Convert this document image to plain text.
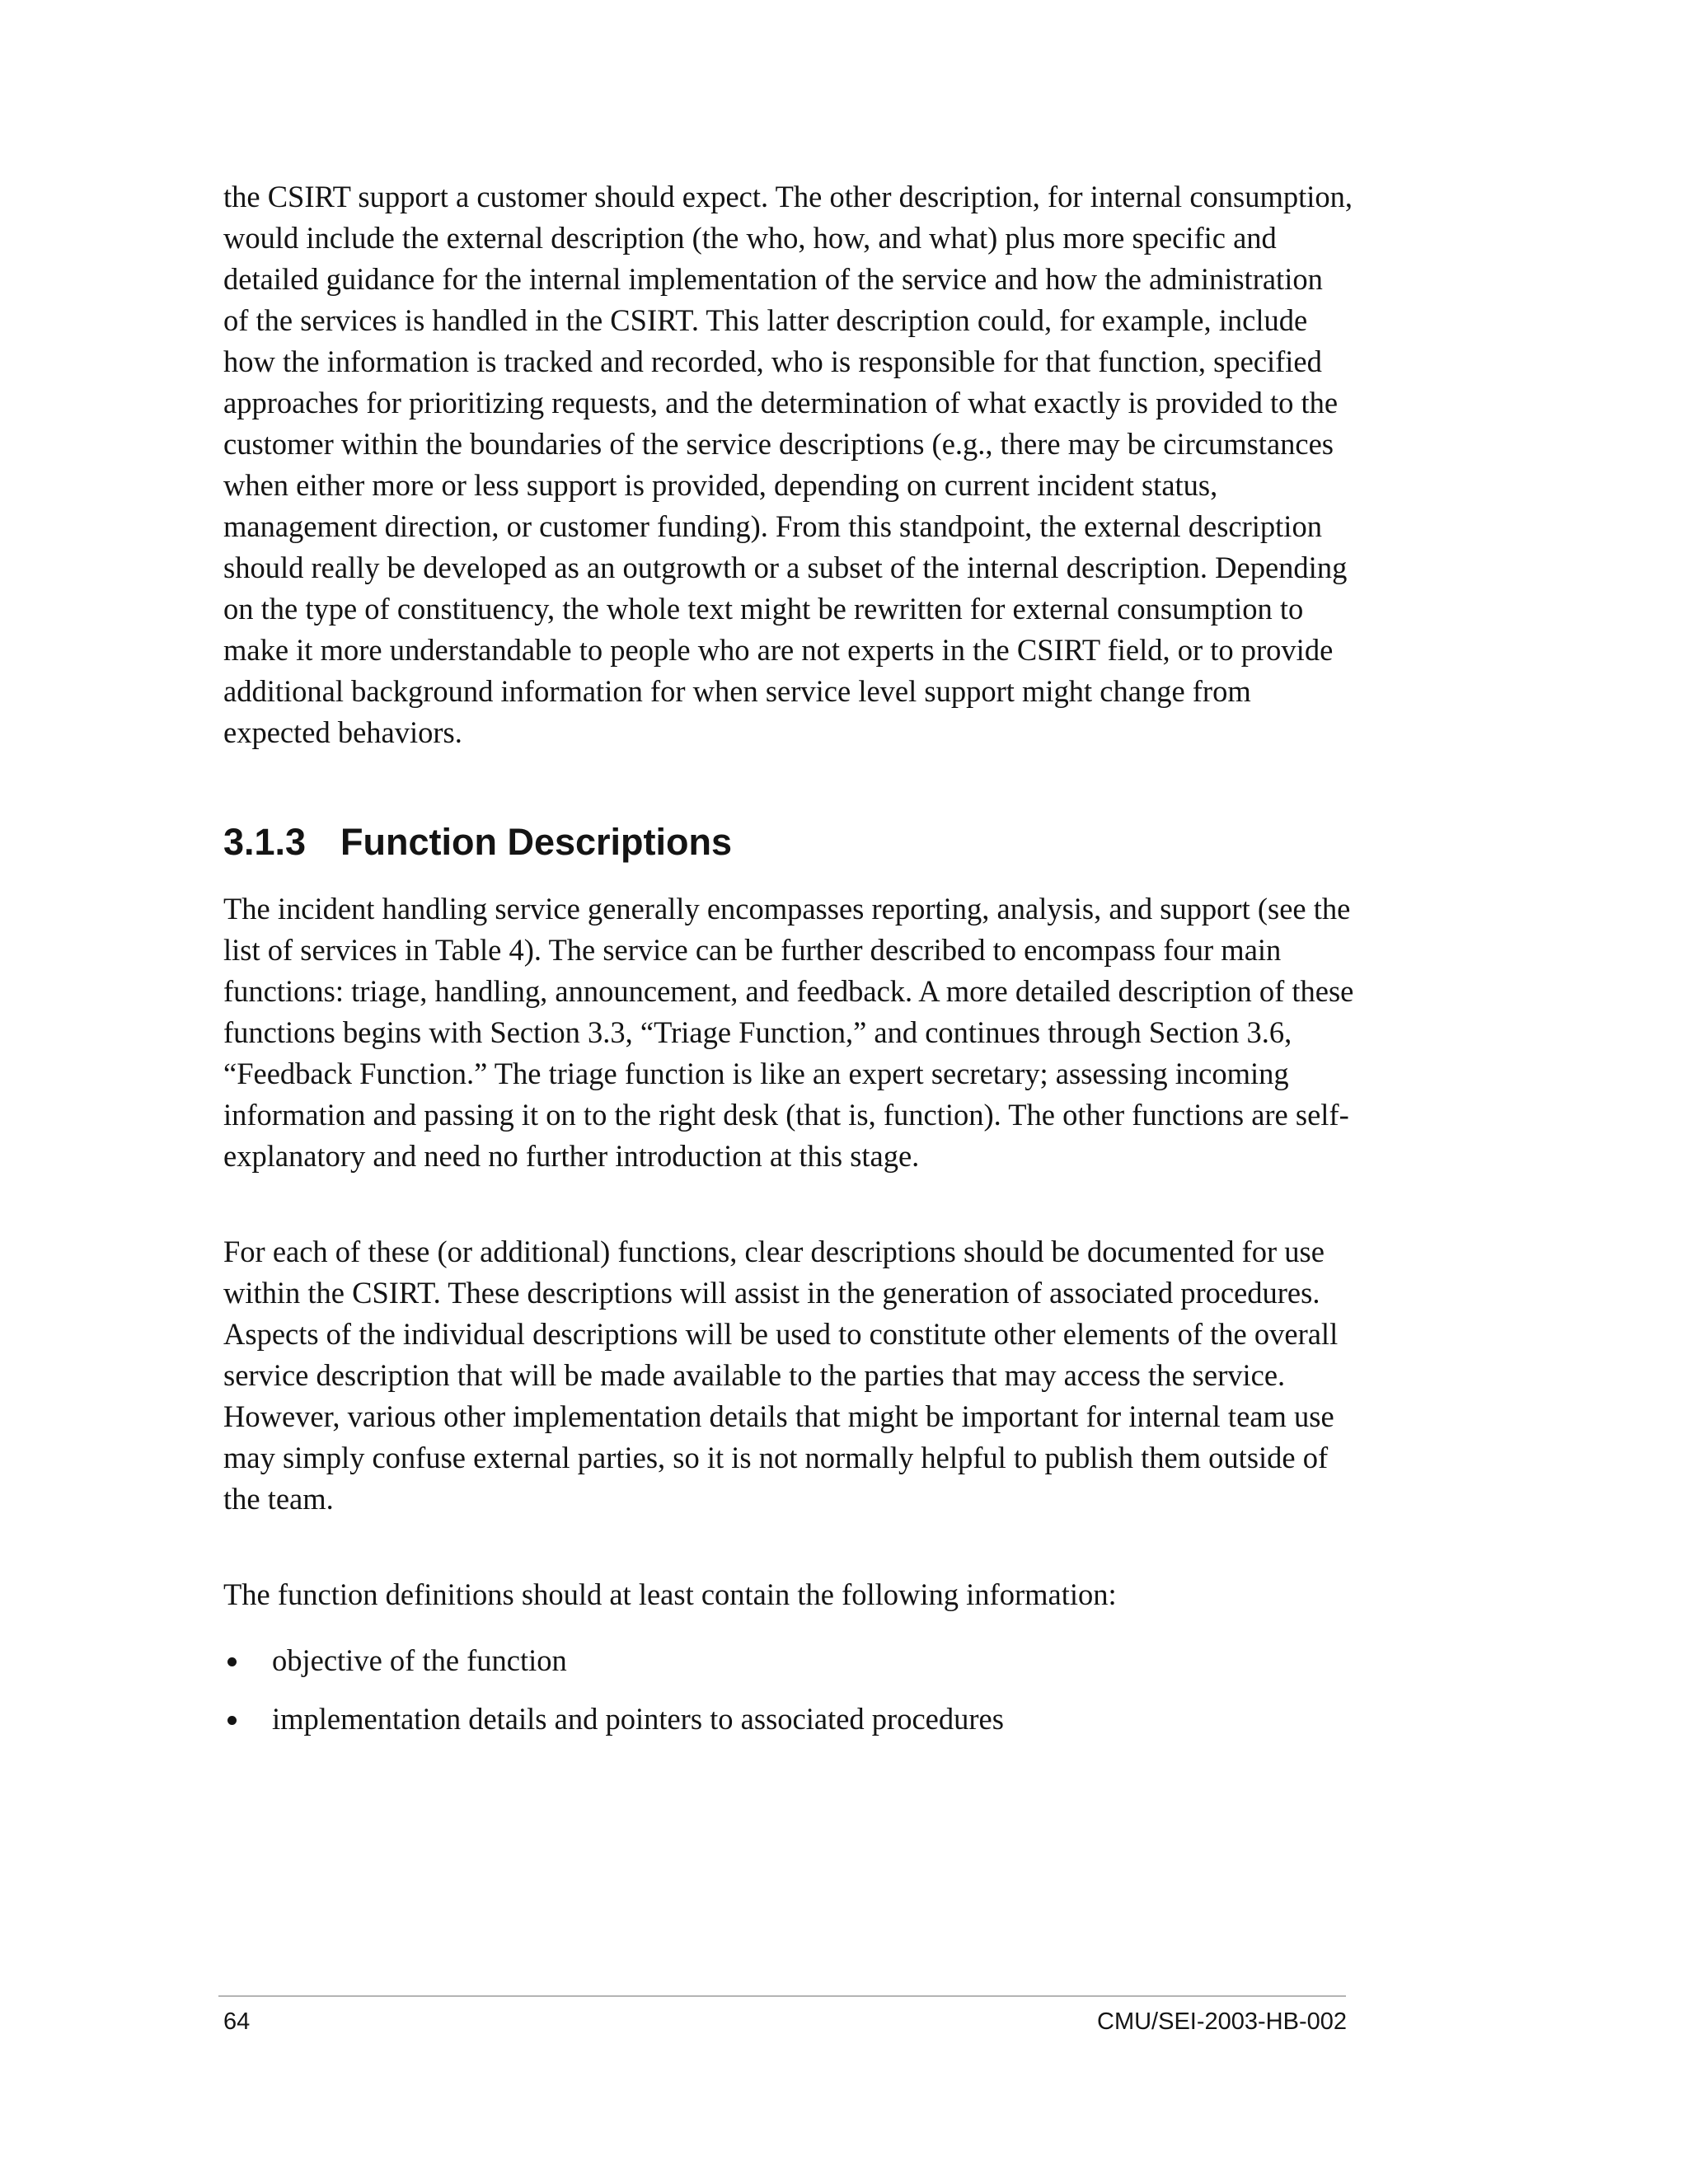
the CSIRT support a customer should expect. The other description, for internal consumption,
would include the external description (the who, how, and what) plus more specific and
detailed guidance for the internal implementation of the service and how the administration
of the services is handled in the CSIRT. This latter description could, for example, include
how the information is tracked and recorded, who is responsible for that function, specified
approaches for prioritizing requests, and the determination of what exactly is provided to the
customer within the boundaries of the service descriptions (e.g., there may be circumstances
when either more or less support is provided, depending on current incident status,
management direction, or customer funding). From this standpoint, the external description
should really be developed as an outgrowth or a subset of the internal description. Depending
on the type of constituency, the whole text might be rewritten for external consumption to
make it more understandable to people who are not experts in the CSIRT field, or to provide
additional background information for when service level support might change from
expected behaviors.
3.1.3 Function Descriptions
The incident handling service generally encompasses reporting, analysis, and support (see the
list of services in Table 4). The service can be further described to encompass four main
functions: triage, handling, announcement, and feedback. A more detailed description of these
functions begins with Section 3.3, “Triage Function,” and continues through Section 3.6,
“Feedback Function.” The triage function is like an expert secretary; assessing incoming
information and passing it on to the right desk (that is, function). The other functions are self-
explanatory and need no further introduction at this stage.
For each of these (or additional) functions, clear descriptions should be documented for use
within the CSIRT. These descriptions will assist in the generation of associated procedures.
Aspects of the individual descriptions will be used to constitute other elements of the overall
service description that will be made available to the parties that may access the service.
However, various other implementation details that might be important for internal team use
may simply confuse external parties, so it is not normally helpful to publish them outside of
the team.
The function definitions should at least contain the following information:
objective of the function
implementation details and pointers to associated procedures
64	CMU/SEI-2003-HB-002
